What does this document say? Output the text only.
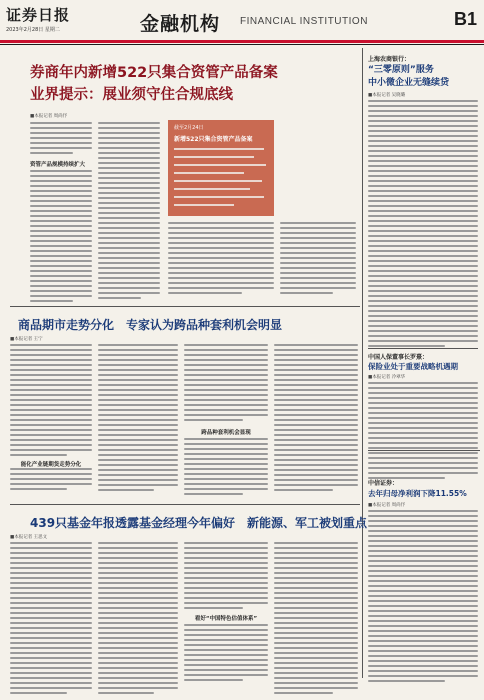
证券日报
2023年2月28日 星期二	金融机构 FINANCIAL INSTITUTION	B1
券商年内新增522只集合资管产品备案
业界提示：展业须守住合规底线
■本报记者 周尚伃
资管产品规模持续扩大
截至2月24日
新增522只集合资管产品备案
上海农商银行：
“三零原则”服务
中小微企业无缝续贷
■本报记者 吴晓璐
中国人保董事长罗熹：
保险业处于重要战略机遇期
■本报记者 冷翠华
中信证券：
去年归母净利润下降11.55%
■本报记者 周尚伃
商品期市走势分化　专家认为跨品种套利机会明显
■本报记者 王宁
能化产业链期货走势分化
跨品种套利机会显现
439只基金年报透露基金经理今年偏好　新能源、军工被划重点
■本报记者 王思文
看好“中国特色估值体系”
